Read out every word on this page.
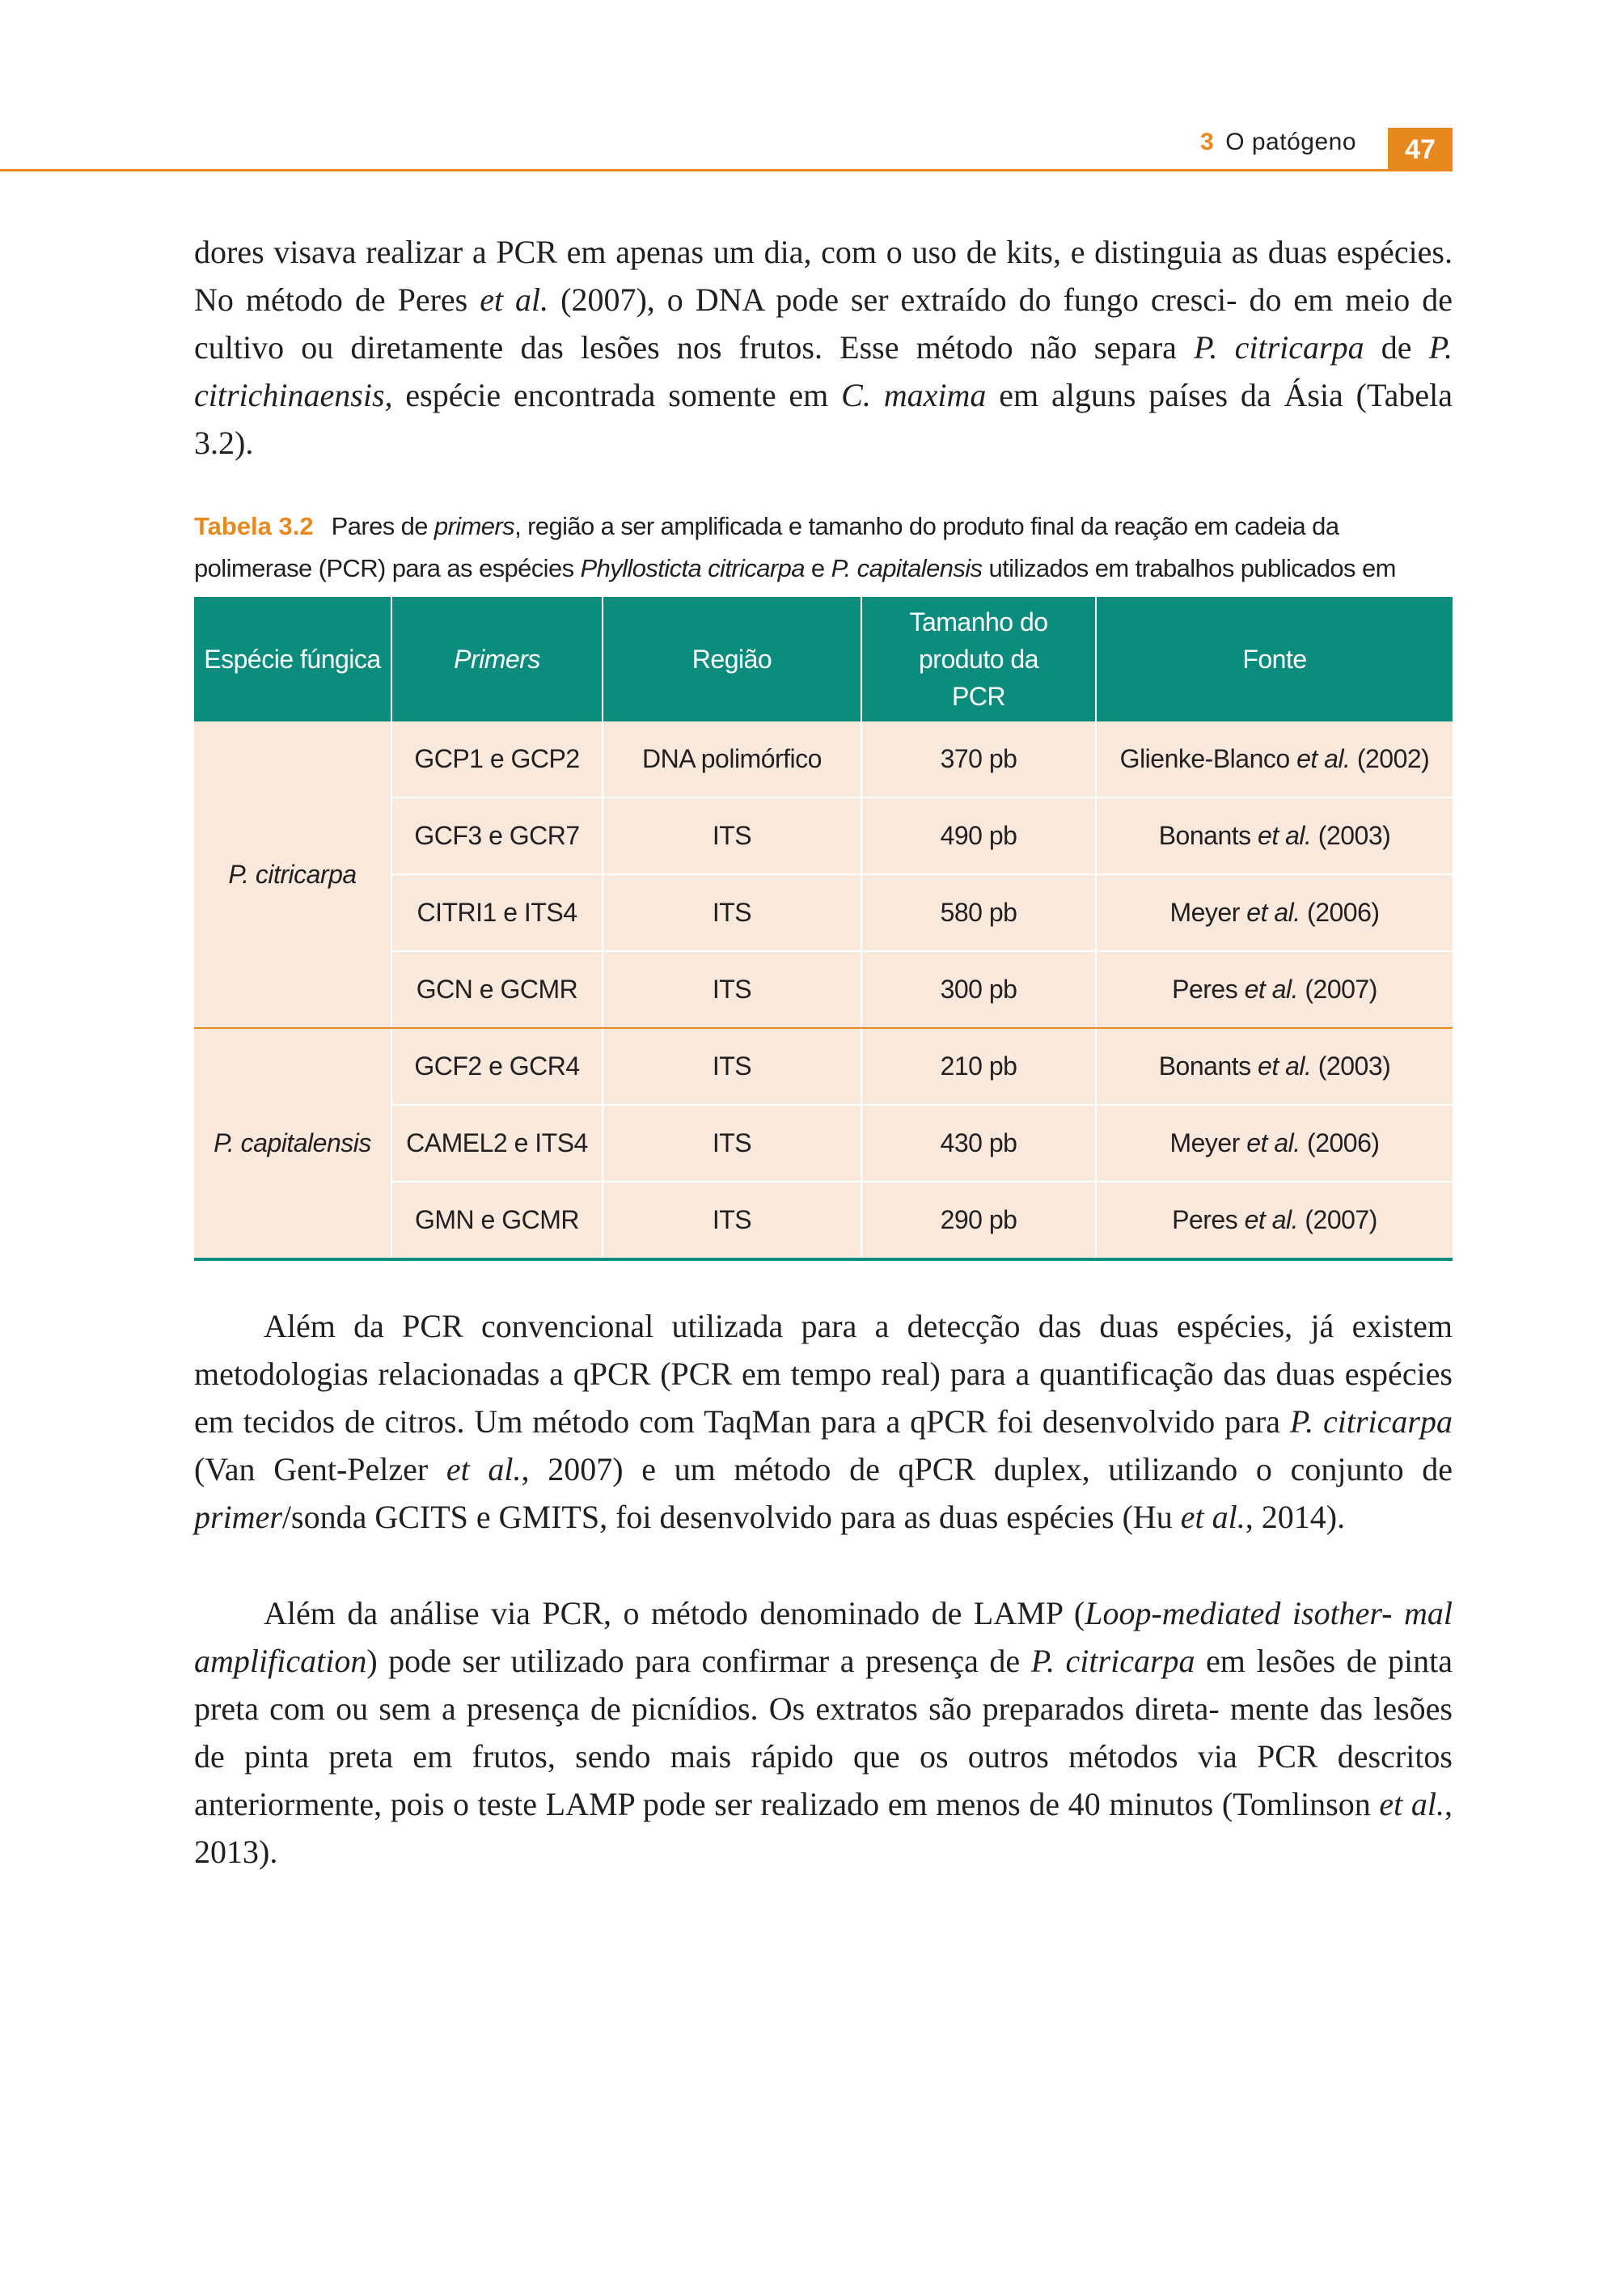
3 O patógeno	47

dores visava realizar a PCR em apenas um dia, com o uso de kits, e distinguia as duas espécies. No método de Peres et al. (2007), o DNA pode ser extraído do fungo cresci- do em meio de cultivo ou diretamente das lesões nos frutos. Esse método não separa P. citricarpa de P. citrichinaensis, espécie encontrada somente em C. maxima em alguns países da Ásia (Tabela 3.2).

Tabela 3.2 Pares de primers, região a ser amplificada e tamanho do produto final da reação em cadeia da polimerase (PCR) para as espécies Phyllosticta citricarpa e P. capitalensis utilizados em trabalhos publicados em

Espécie fúngica	Primers	Região	Tamanho do produto da PCR	Fonte
P. citricarpa	GCP1 e GCP2	DNA polimórfico	370 pb	Glienke-Blanco et al. (2002)
	GCF3 e GCR7	ITS	490 pb	Bonants et al. (2003)
	CITRI1 e ITS4	ITS	580 pb	Meyer et al. (2006)
	GCN e GCMR	ITS	300 pb	Peres et al. (2007)
P. capitalensis	GCF2 e GCR4	ITS	210 pb	Bonants et al. (2003)
	CAMEL2 e ITS4	ITS	430 pb	Meyer et al. (2006)
	GMN e GCMR	ITS	290 pb	Peres et al. (2007)

Além da PCR convencional utilizada para a detecção das duas espécies, já existem metodologias relacionadas a qPCR (PCR em tempo real) para a quantificação das duas espécies em tecidos de citros. Um método com TaqMan para a qPCR foi desenvolvido para P. citricarpa (Van Gent-Pelzer et al., 2007) e um método de qPCR duplex, utilizando o conjunto de primer/sonda GCITS e GMITS, foi desenvolvido para as duas espécies (Hu et al., 2014).

Além da análise via PCR, o método denominado de LAMP (Loop-mediated isother- mal amplification) pode ser utilizado para confirmar a presença de P. citricarpa em lesões de pinta preta com ou sem a presença de picnídios. Os extratos são preparados direta- mente das lesões de pinta preta em frutos, sendo mais rápido que os outros métodos via PCR descritos anteriormente, pois o teste LAMP pode ser realizado em menos de 40 minutos (Tomlinson et al., 2013).
